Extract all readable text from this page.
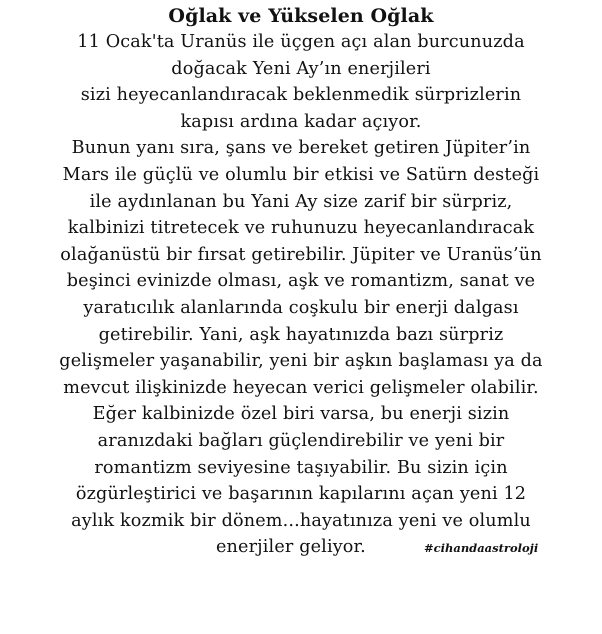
Oğlak ve Yükselen Oğlak
11 Ocak'ta Uranüs ile üçgen açı alan burcunuzda
doğacak Yeni Ay’ın enerjileri
sizi heyecanlandıracak beklenmedik sürprizlerin
kapısı ardına kadar açıyor.
Bunun yanı sıra, şans ve bereket getiren Jüpiter’in
Mars ile güçlü ve olumlu bir etkisi ve Satürn desteği
ile aydınlanan bu Yani Ay size zarif bir sürpriz,
kalbinizi titretecek ve ruhunuzu heyecanlandıracak
olağanüstü bir fırsat getirebilir. Jüpiter ve Uranüs’ün
beşinci evinizde olması, aşk ve romantizm, sanat ve
yaratıcılık alanlarında coşkulu bir enerji dalgası
getirebilir. Yani, aşk hayatınızda bazı sürpriz
gelişmeler yaşanabilir, yeni bir aşkın başlaması ya da
mevcut ilişkinizde heyecan verici gelişmeler olabilir.
Eğer kalbinizde özel biri varsa, bu enerji sizin
aranızdaki bağları güçlendirebilir ve yeni bir
romantizm seviyesine taşıyabilir. Bu sizin için
özgürleştirici ve başarının kapılarını açan yeni 12
aylık kozmik bir dönem...hayatınıza yeni ve olumlu
enerjiler geliyor.	#cihandaastroloji
